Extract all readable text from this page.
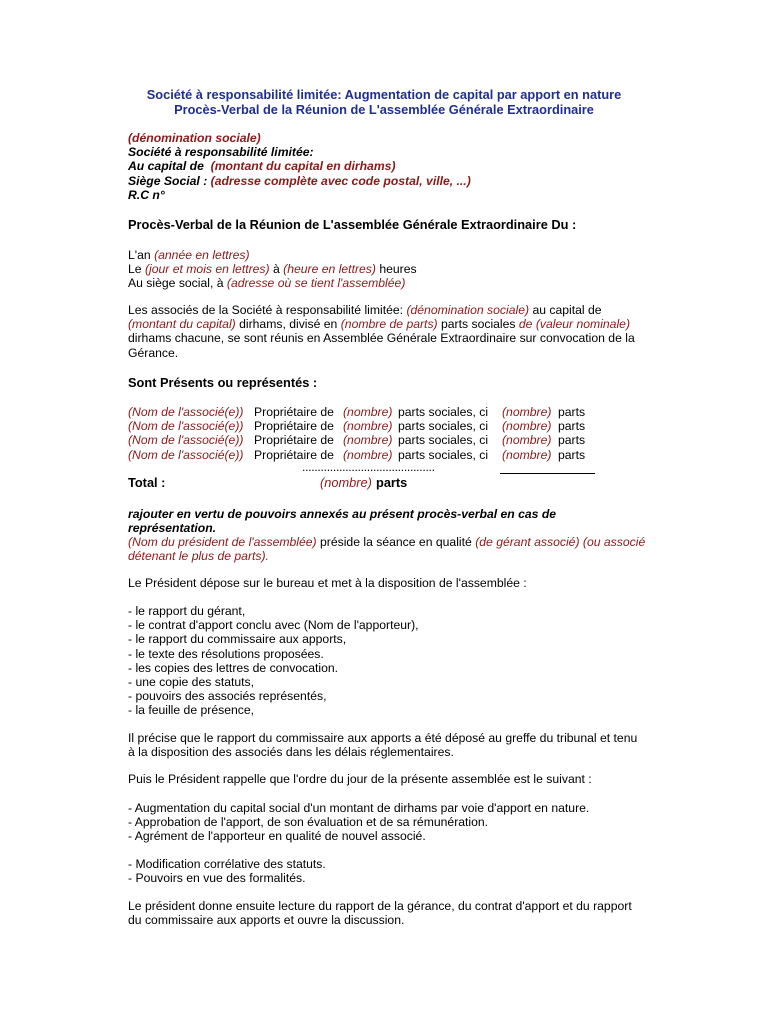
Société à responsabilité limitée: Augmentation de capital par apport en nature
Procès-Verbal de la Réunion de L'assemblée Générale Extraordinaire
(dénomination sociale)
Société à responsabilité limitée:
Au capital de (montant du capital en dirhams)
Siège Social : (adresse complète avec code postal, ville, ...)
R.C n°
Procès-Verbal de la Réunion de L'assemblée Générale Extraordinaire Du :
L'an (année en lettres)
Le (jour et mois en lettres) à (heure en lettres) heures
Au siège social, à (adresse où se tient l'assemblée)
Les associés de la Société à responsabilité limitée: (dénomination sociale) au capital de
(montant du capital) dirhams, divisé en (nombre de parts) parts sociales de (valeur nominale)
dirhams chacune, se sont réunis en Assemblée Générale Extraordinaire sur convocation de la
Gérance.
Sont Présents ou représentés :
(Nom de l'associé(e)) Propriétaire de (nombre) parts sociales, ci (nombre) parts
(Nom de l'associé(e)) Propriétaire de (nombre) parts sociales, ci (nombre) parts
(Nom de l'associé(e)) Propriétaire de (nombre) parts sociales, ci (nombre) parts
(Nom de l'associé(e)) Propriétaire de (nombre) parts sociales, ci (nombre) parts
...........................................
Total :	(nombre) parts
rajouter en vertu de pouvoirs annexés au présent procès-verbal en cas de
représentation.
(Nom du président de l'assemblée) préside la séance en qualité (de gérant associé) (ou associé
détenant le plus de parts).
Le Président dépose sur le bureau et met à la disposition de l'assemblée :
- le rapport du gérant,
- le contrat d'apport conclu avec (Nom de l'apporteur),
- le rapport du commissaire aux apports,
- le texte des résolutions proposées.
- les copies des lettres de convocation.
- une copie des statuts,
- pouvoirs des associés représentés,
- la feuille de présence,
Il précise que le rapport du commissaire aux apports a été déposé au greffe du tribunal et tenu
à la disposition des associés dans les délais réglementaires.
Puis le Président rappelle que l'ordre du jour de la présente assemblée est le suivant :
- Augmentation du capital social d'un montant de dirhams par voie d'apport en nature.
- Approbation de l'apport, de son évaluation et de sa rémunération.
- Agrément de l'apporteur en qualité de nouvel associé.
- Modification corrélative des statuts.
- Pouvoirs en vue des formalités.
Le président donne ensuite lecture du rapport de la gérance, du contrat d'apport et du rapport
du commissaire aux apports et ouvre la discussion.
